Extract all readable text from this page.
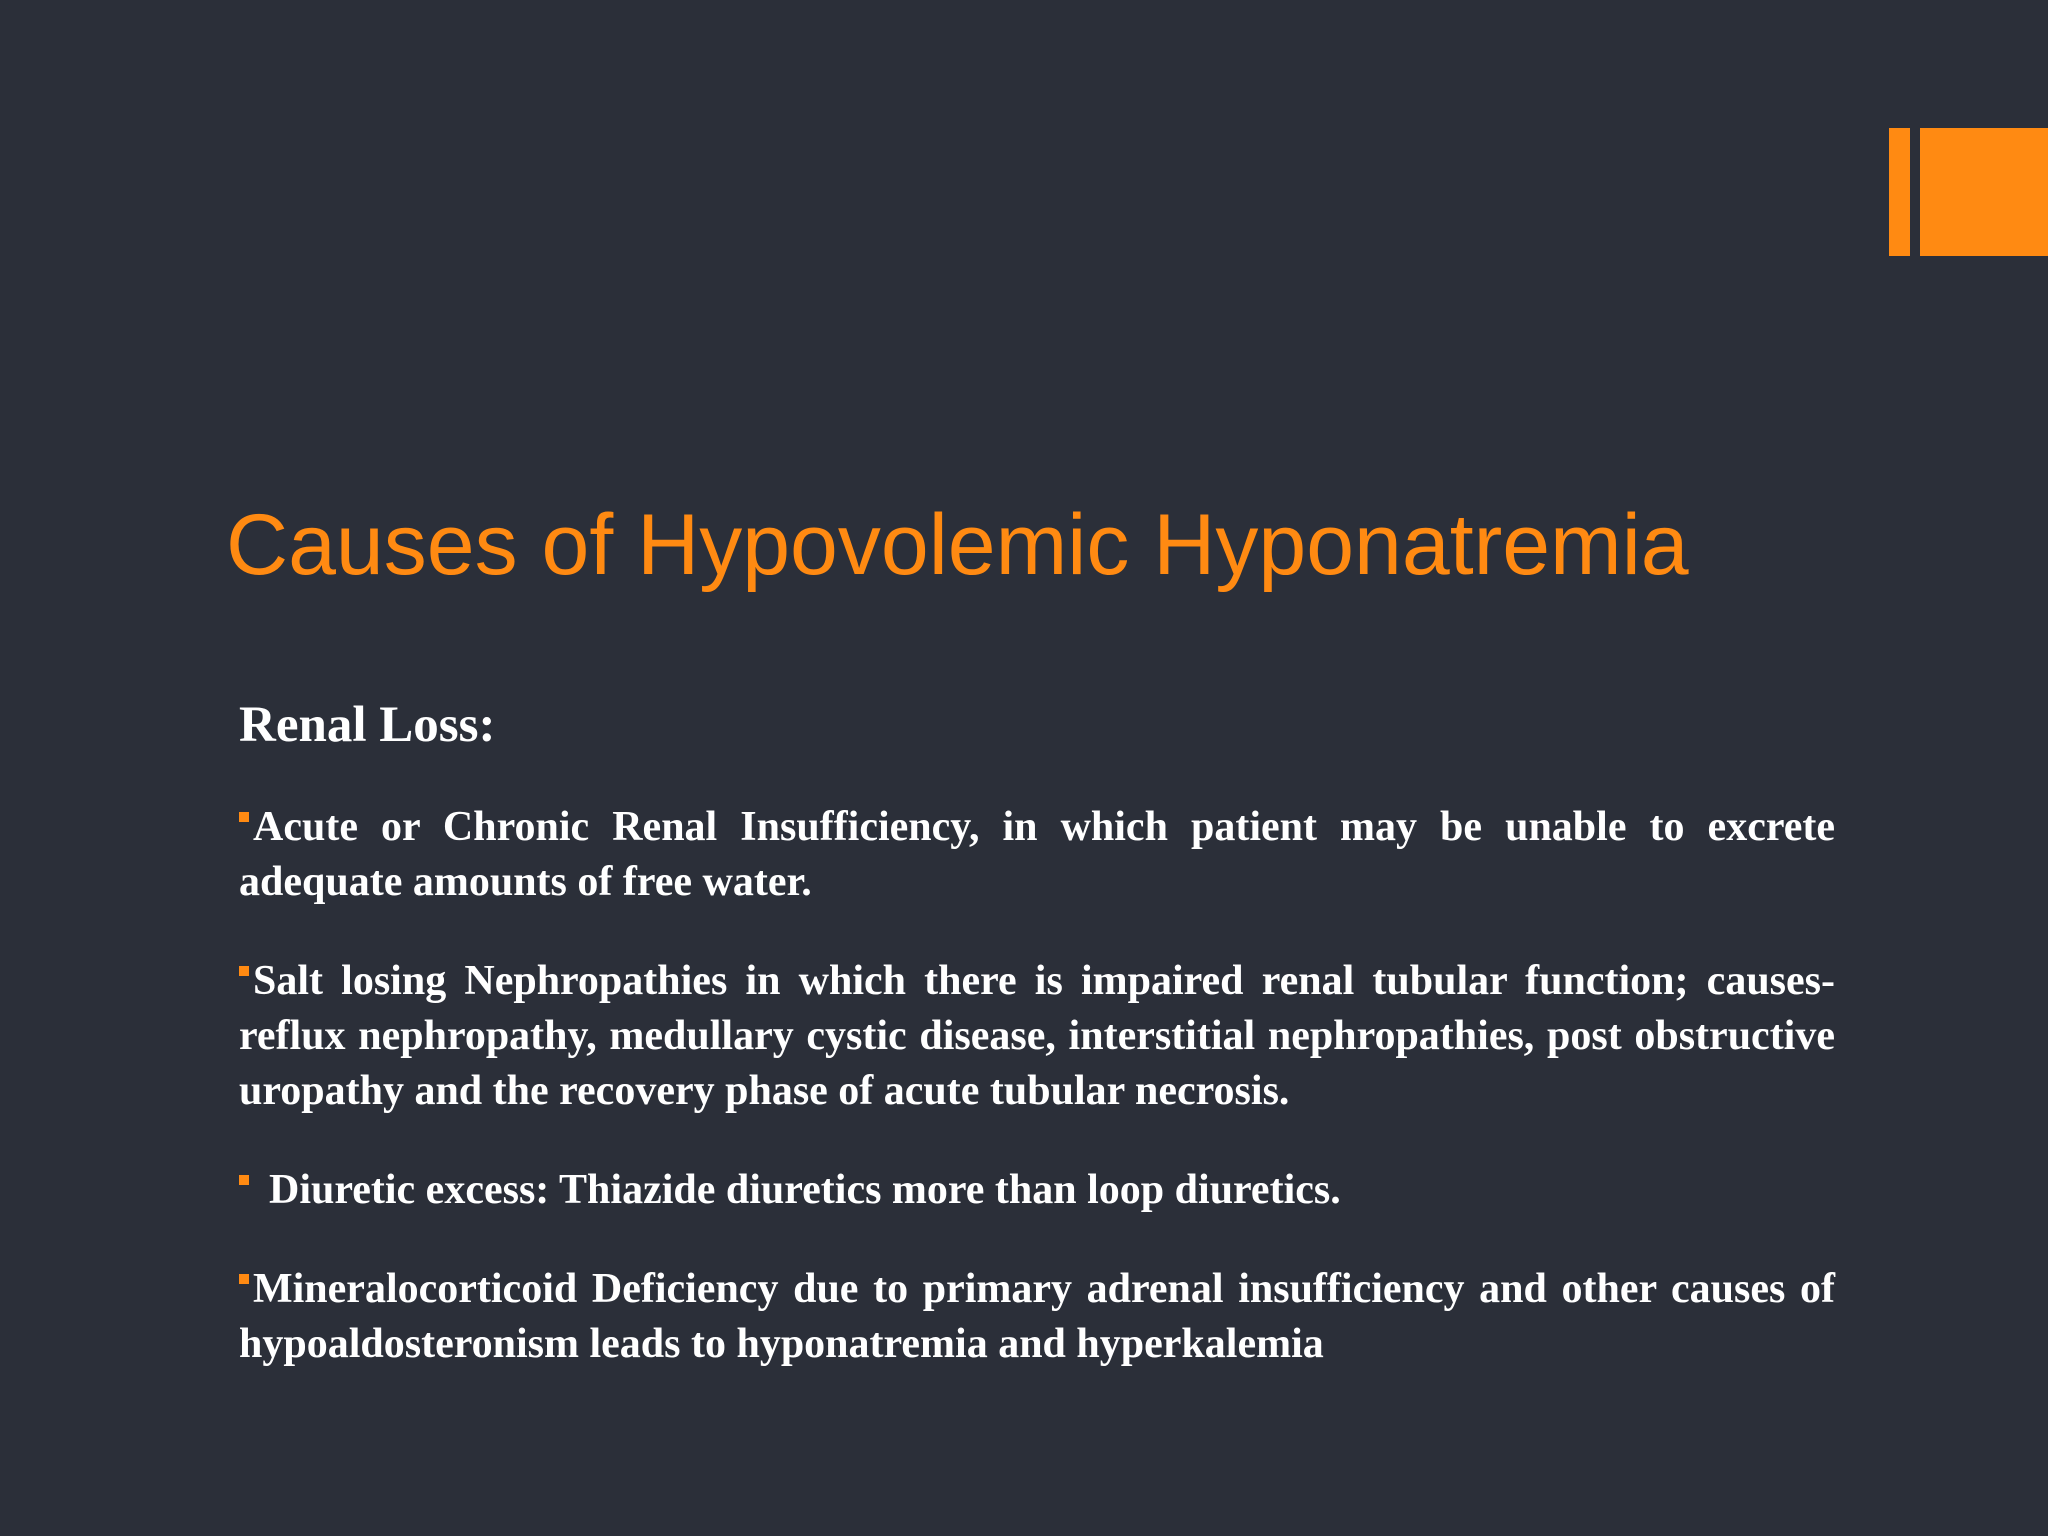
Causes of Hypovolemic Hyponatremia

Renal Loss:

Acute or Chronic Renal Insufficiency, in which patient may be unable to excrete adequate amounts of free water.

Salt losing Nephropathies in which there is impaired renal tubular function; causes- reflux nephropathy, medullary cystic disease, interstitial nephropathies, post obstructive uropathy and the recovery phase of acute tubular necrosis.

Diuretic excess: Thiazide diuretics more than loop diuretics.

Mineralocorticoid Deficiency due to primary adrenal insufficiency and other causes of hypoaldosteronism leads to hyponatremia and hyperkalemia
